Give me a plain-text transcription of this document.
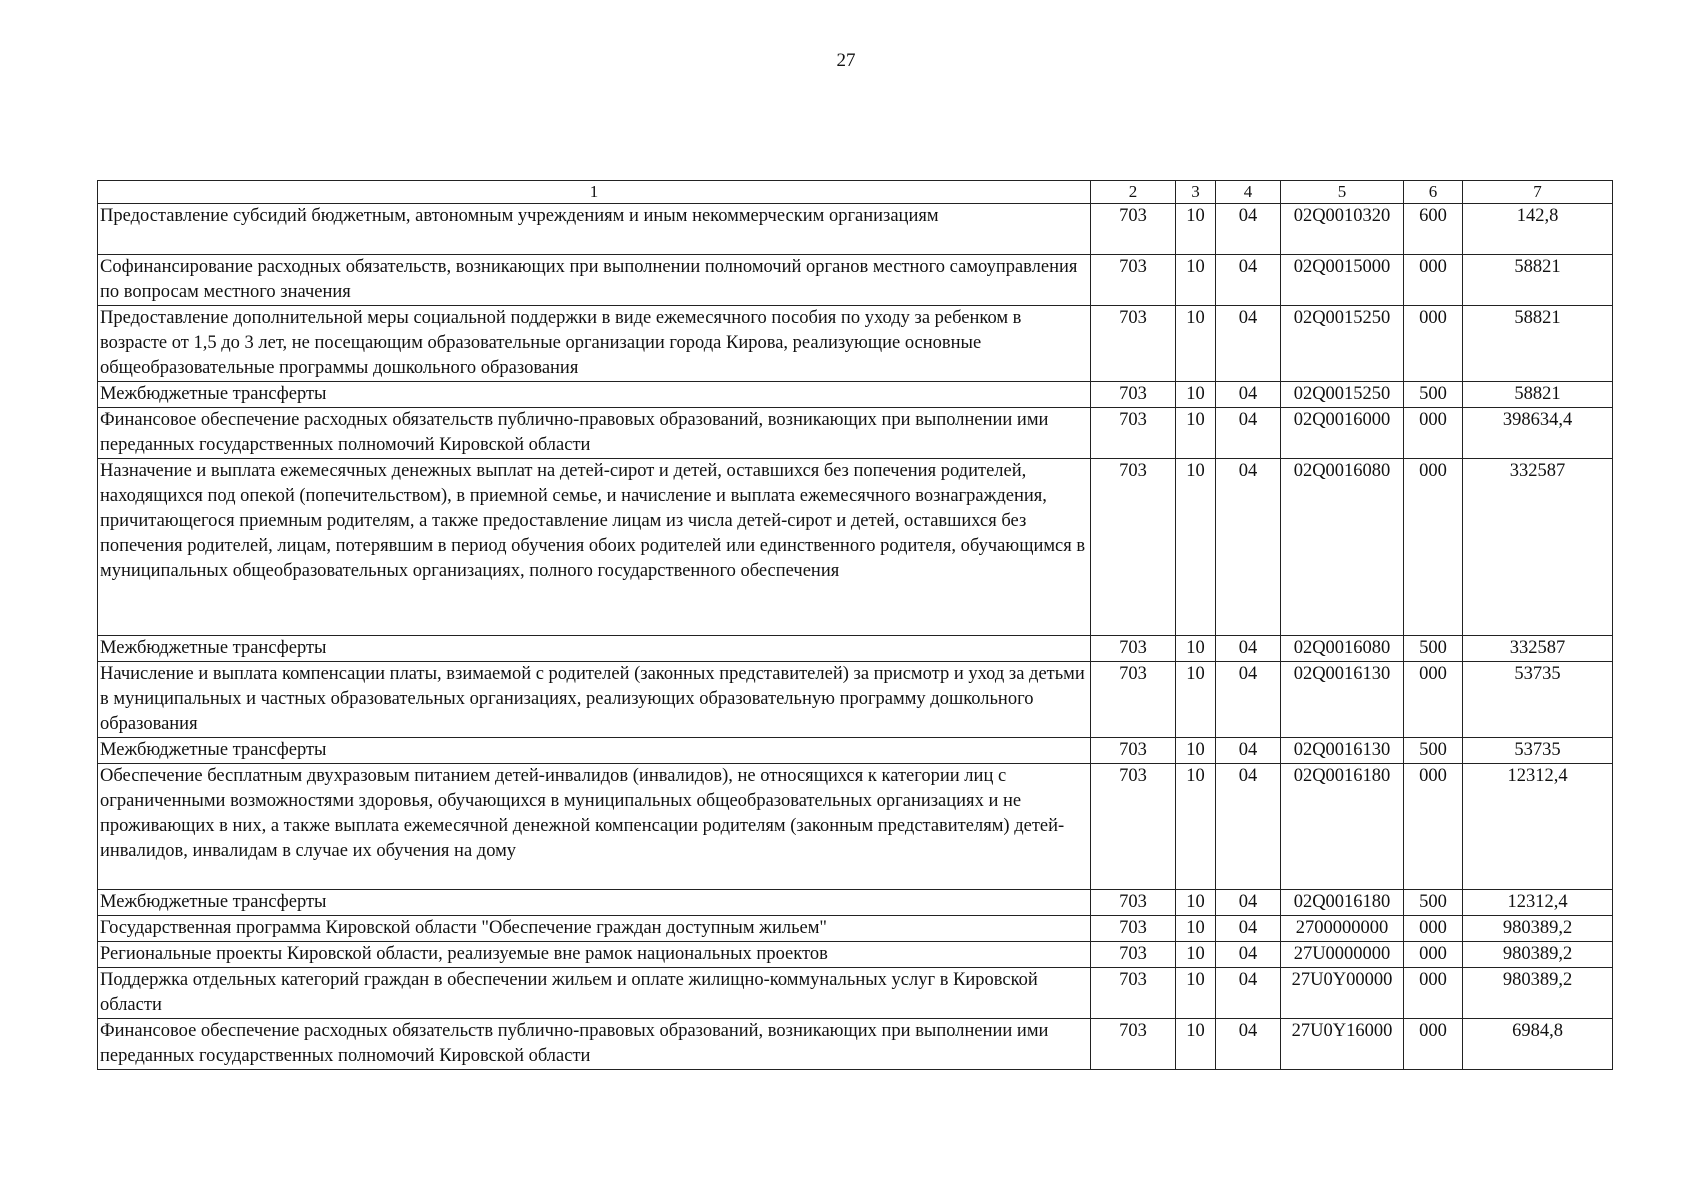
27
1	2	3	4	5	6	7
Предоставление субсидий бюджетным, автономным учреждениям и иным некоммерческим организациям	703	10	04	02Q0010320	600	142,8
Софинансирование расходных обязательств, возникающих при выполнении полномочий органов местного самоуправления по вопросам местного значения	703	10	04	02Q0015000	000	58821
Предоставление дополнительной меры социальной поддержки в виде ежемесячного пособия по уходу за ребенком в возрасте от 1,5 до 3 лет, не посещающим образовательные организации города Кирова, реализующие основные общеобразовательные программы дошкольного образования	703	10	04	02Q0015250	000	58821
Межбюджетные трансферты	703	10	04	02Q0015250	500	58821
Финансовое обеспечение расходных обязательств публично-правовых образований, возникающих при выполнении ими переданных государственных полномочий Кировской области	703	10	04	02Q0016000	000	398634,4
Назначение и выплата ежемесячных денежных выплат на детей-сирот и детей, оставшихся без попечения родителей, находящихся под опекой (попечительством), в приемной семье, и начисление и выплата ежемесячного вознаграждения, причитающегося приемным родителям, а также предоставление лицам из числа детей-сирот и детей, оставшихся без попечения родителей, лицам, потерявшим в период обучения обоих родителей или единственного родителя, обучающимся в муниципальных общеобразовательных организациях, полного государственного обеспечения	703	10	04	02Q0016080	000	332587
Межбюджетные трансферты	703	10	04	02Q0016080	500	332587
Начисление и выплата компенсации платы, взимаемой с родителей (законных представителей) за присмотр и уход за детьми в муниципальных и частных образовательных организациях, реализующих образовательную программу дошкольного образования	703	10	04	02Q0016130	000	53735
Межбюджетные трансферты	703	10	04	02Q0016130	500	53735
Обеспечение бесплатным двухразовым питанием детей-инвалидов (инвалидов), не относящихся к категории лиц с ограниченными возможностями здоровья, обучающихся в муниципальных общеобразовательных организациях и не проживающих в них, а также выплата ежемесячной денежной компенсации родителям (законным представителям) детей-инвалидов, инвалидам в случае их обучения на дому	703	10	04	02Q0016180	000	12312,4
Межбюджетные трансферты	703	10	04	02Q0016180	500	12312,4
Государственная программа Кировской области "Обеспечение граждан доступным жильем"	703	10	04	2700000000	000	980389,2
Региональные проекты Кировской области, реализуемые вне рамок национальных проектов	703	10	04	27U0000000	000	980389,2
Поддержка отдельных категорий граждан в обеспечении жильем и оплате жилищно-коммунальных услуг в Кировской области	703	10	04	27U0Y00000	000	980389,2
Финансовое обеспечение расходных обязательств публично-правовых образований, возникающих при выполнении ими переданных государственных полномочий Кировской области	703	10	04	27U0Y16000	000	6984,8
